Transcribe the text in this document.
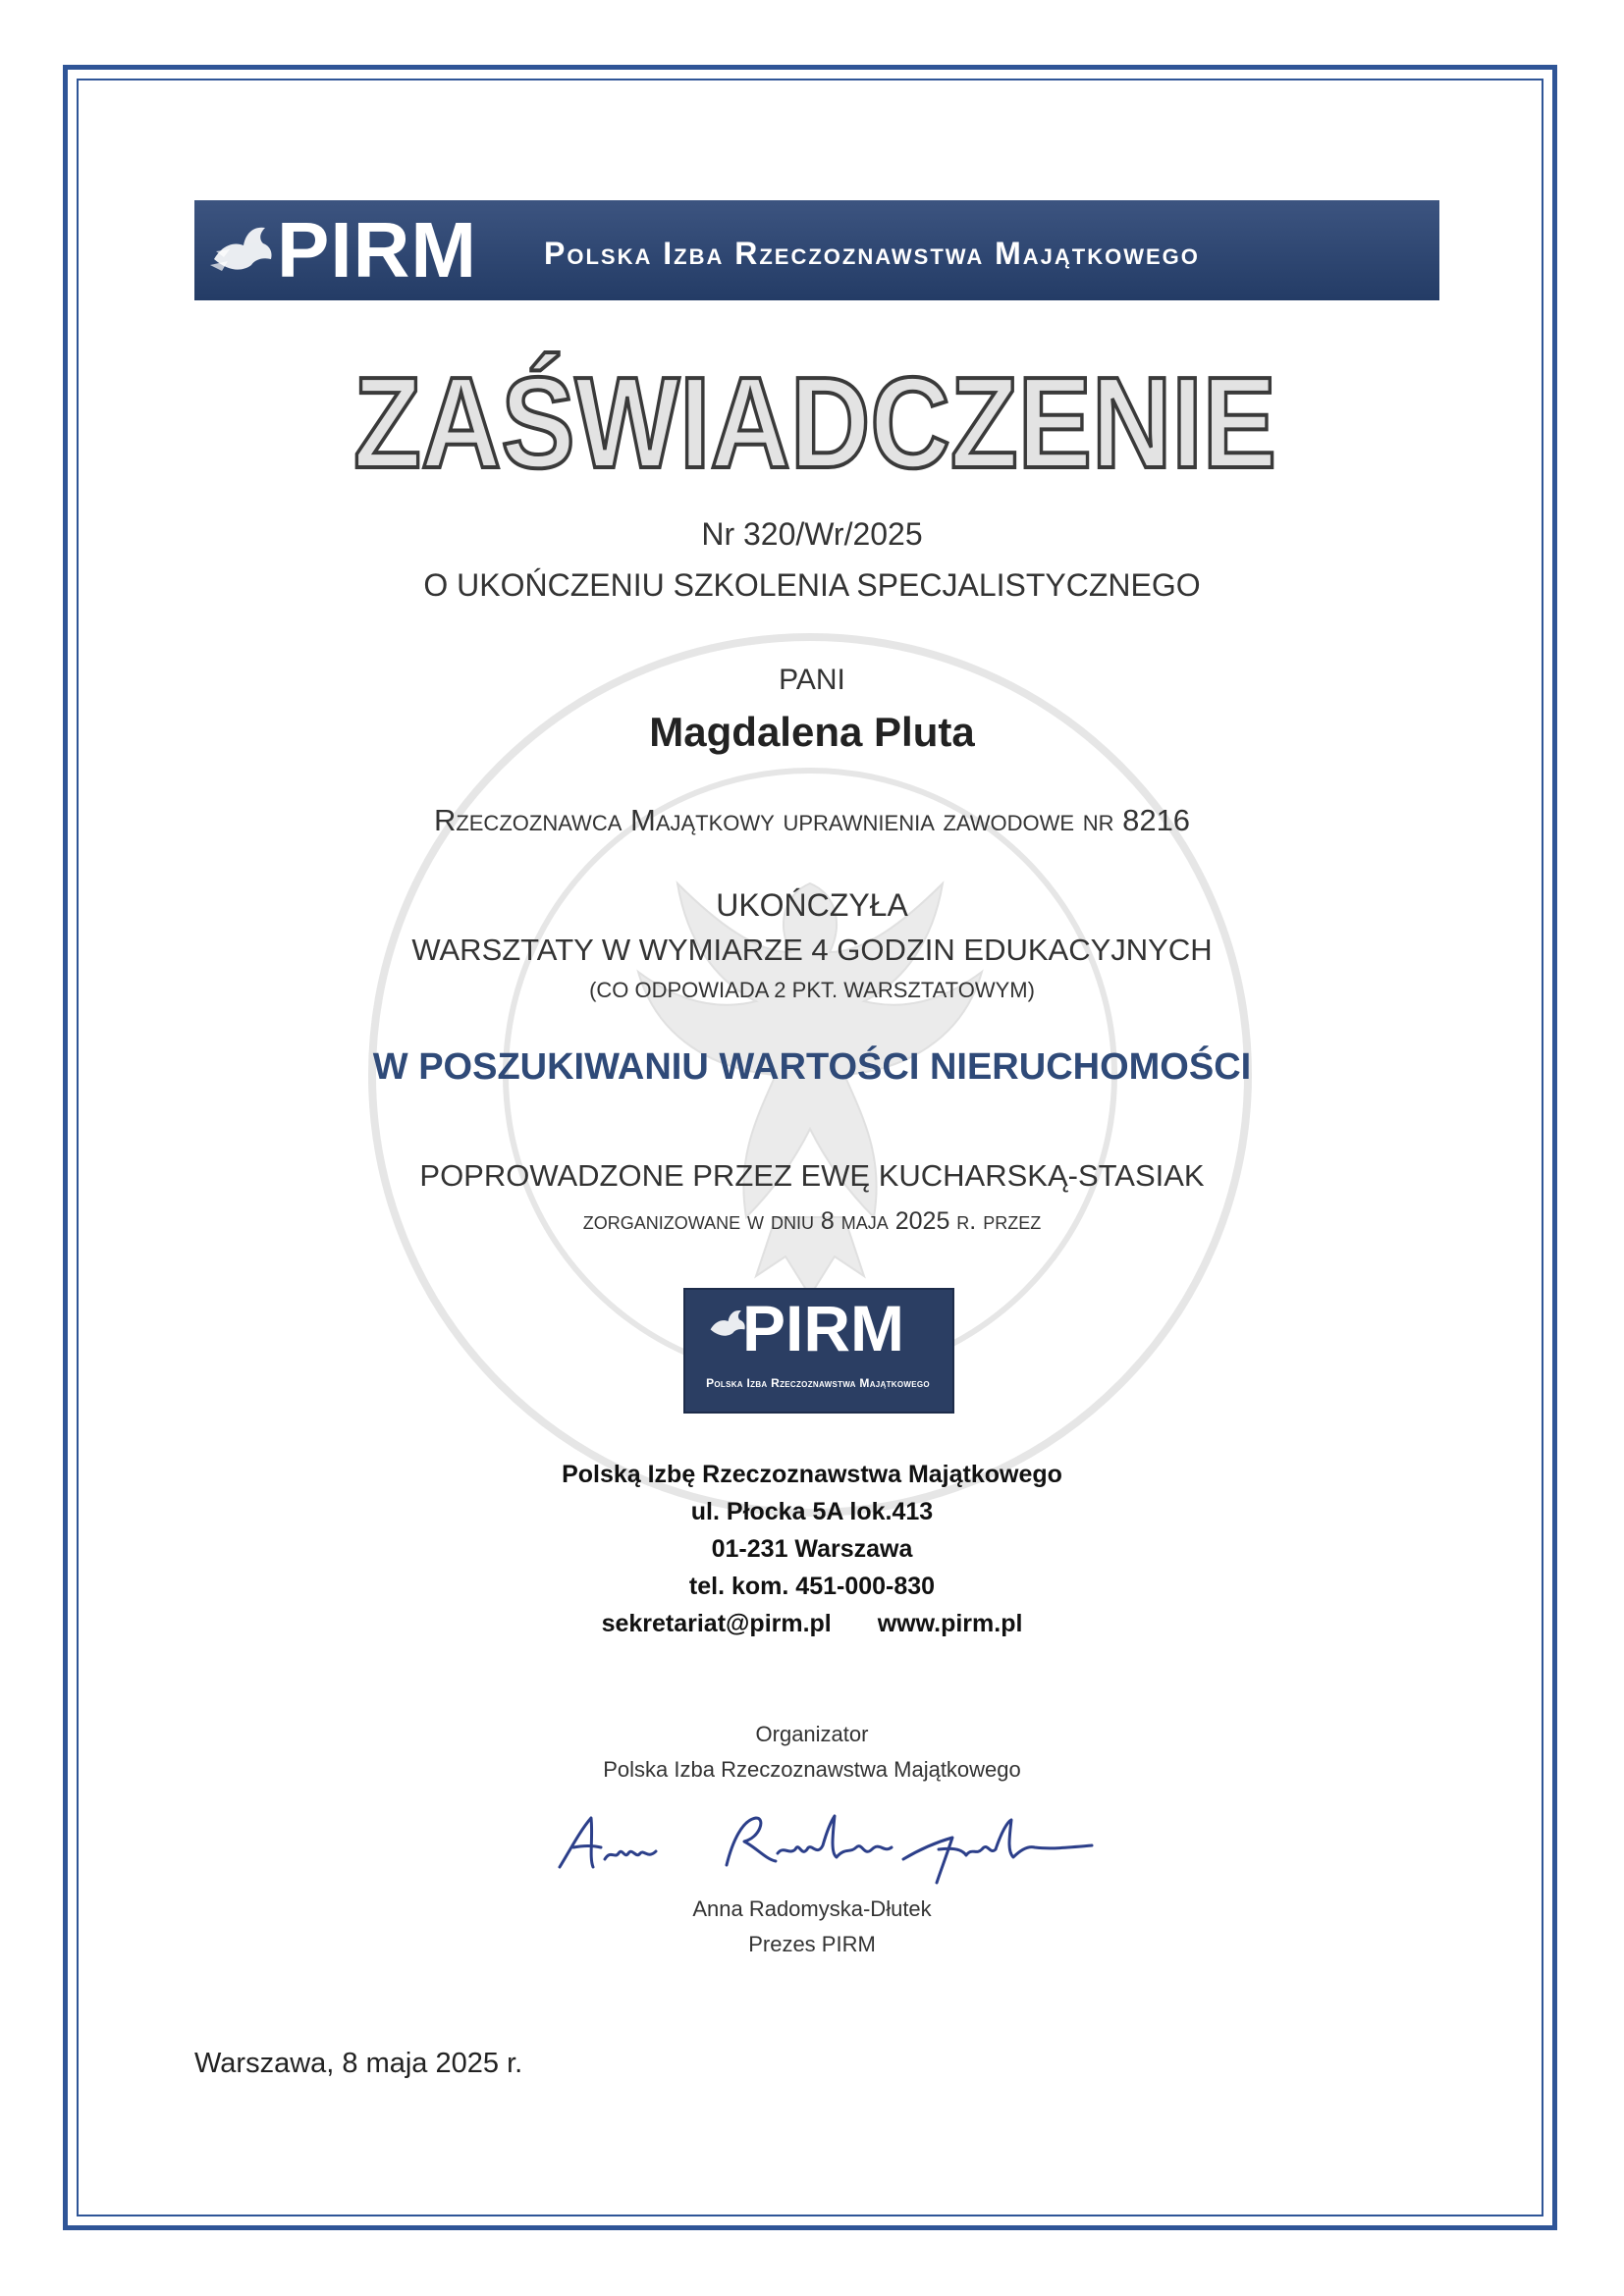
PIRM Polska Izba Rzeczoznawstwa Majątkowego
ZAŚWIADCZENIE
Nr 320/Wr/2025
O UKOŃCZENIU SZKOLENIA SPECJALISTYCZNEGO
PANI
Magdalena Pluta
Rzeczoznawca Majątkowy uprawnienia zawodowe nr 8216
UKOŃCZYŁA
WARSZTATY W WYMIARZE 4 GODZIN EDUKACYJNYCH
(CO ODPOWIADA 2 PKT. WARSZTATOWYM)
W POSZUKIWANIU WARTOŚCI NIERUCHOMOŚCI
POPROWADZONE PRZEZ EWĘ KUCHARSKĄ-STASIAK
zorganizowane w dniu 8 maja 2025 r. przez
PIRM
Polska Izba Rzeczoznawstwa Majątkowego
Polską Izbę Rzeczoznawstwa Majątkowego
ul. Płocka 5A lok.413
01-231 Warszawa
tel. kom. 451-000-830
sekretariat@pirm.pl www.pirm.pl
Organizator
Polska Izba Rzeczoznawstwa Majątkowego
Anna Radomyska-Dłutek
Prezes PIRM
Warszawa, 8 maja 2025 r.
